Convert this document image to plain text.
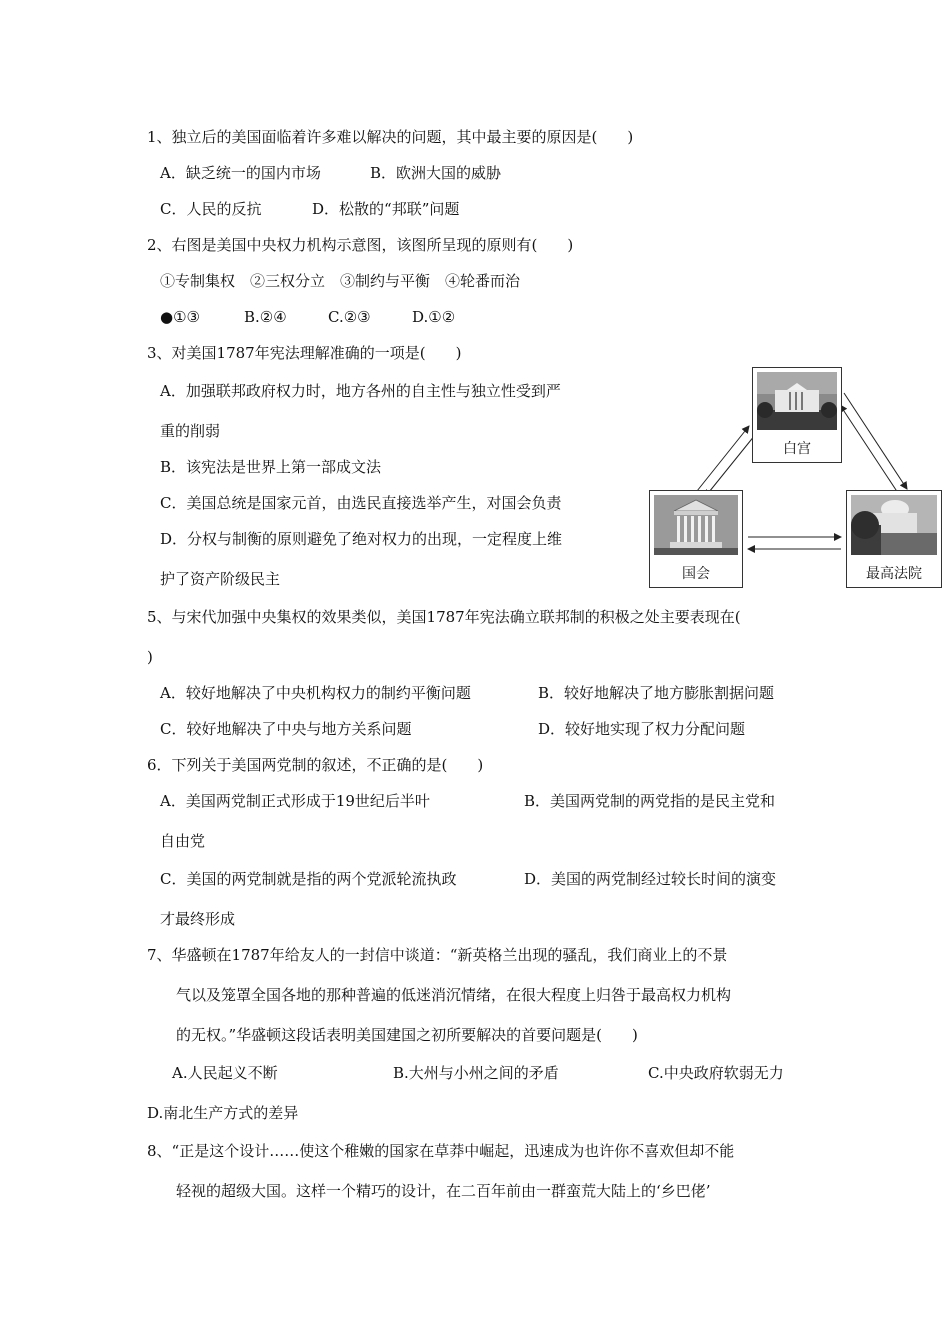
1、独立后的美国面临着许多难以解决的问题，其中最主要的原因是(　　)
A．缺乏统一的国内市场	B．欧洲大国的威胁
C．人民的反抗	D．松散的“邦联”问题
2、右图是美国中央权力机构示意图，该图所呈现的原则有(　　)
①专制集权　②三权分立　③制约与平衡　④轮番而治
●①③	B.②④	C.②③	D.①②
3、对美国1787年宪法理解准确的一项是(　　)
A．加强联邦政府权力时，地方各州的自主性与独立性受到严
重的削弱
B．该宪法是世界上第一部成文法
C．美国总统是国家元首，由选民直接选举产生，对国会负责
D．分权与制衡的原则避免了绝对权力的出现，一定程度上维
护了资产阶级民主
白宫
国会	最高法院
5、与宋代加强中央集权的效果类似，美国1787年宪法确立联邦制的积极之处主要表现在(
)
A．较好地解决了中央机构权力的制约平衡问题	B．较好地解决了地方膨胀割据问题
C．较好地解决了中央与地方关系问题	D．较好地实现了权力分配问题
6．下列关于美国两党制的叙述，不正确的是(　　)
A．美国两党制正式形成于19世纪后半叶	B．美国两党制的两党指的是民主党和
自由党
C．美国的两党制就是指的两个党派轮流执政	D．美国的两党制经过较长时间的演变
才最终形成
7、华盛顿在1787年给友人的一封信中谈道：“新英格兰出现的骚乱，我们商业上的不景
气以及笼罩全国各地的那种普遍的低迷消沉情绪，在很大程度上归咎于最高权力机构
的无权。”华盛顿这段话表明美国建国之初所要解决的首要问题是(　　)
A.人民起义不断	B.大州与小州之间的矛盾	C.中央政府软弱无力
D.南北生产方式的差异
8、“正是这个设计……使这个稚嫩的国家在草莽中崛起，迅速成为也许你不喜欢但却不能
轻视的超级大国。这样一个精巧的设计，在二百年前由一群蛮荒大陆上的‘乡巴佬’
